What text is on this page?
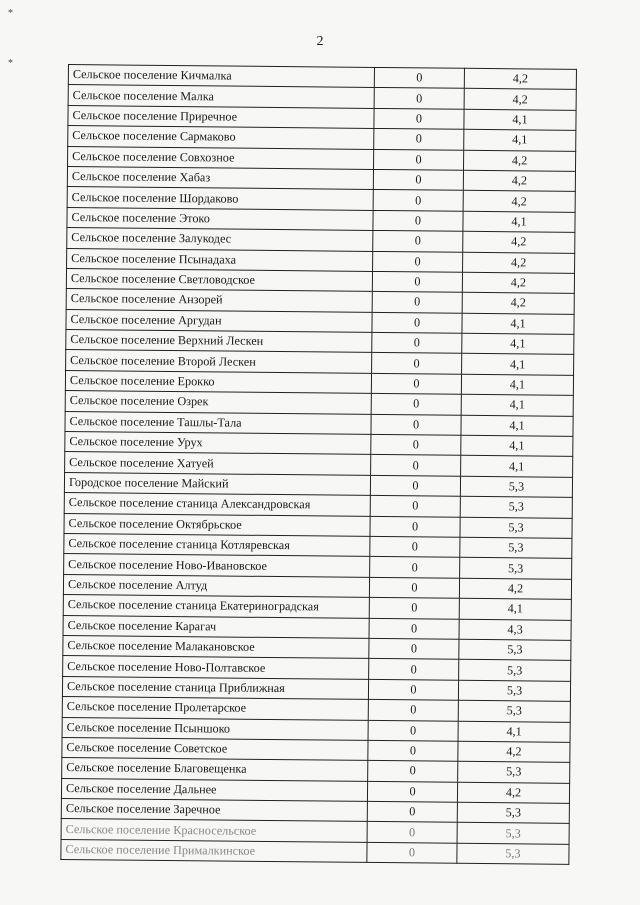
*
*
2
Сельское поселение Кичмалка	0	4,2
Сельское поселение Малка	0	4,2
Сельское поселение Приречное	0	4,1
Сельское поселение Сармаково	0	4,1
Сельское поселение Совхозное	0	4,2
Сельское поселение Хабаз	0	4,2
Сельское поселение Шордаково	0	4,2
Сельское поселение Этоко	0	4,1
Сельское поселение Залукодес	0	4,2
Сельское поселение Псынадаха	0	4,2
Сельское поселение Светловодское	0	4,2
Сельское поселение Анзорей	0	4,2
Сельское поселение Аргудан	0	4,1
Сельское поселение Верхний Лескен	0	4,1
Сельское поселение Второй Лескен	0	4,1
Сельское поселение Ерокко	0	4,1
Сельское поселение Озрек	0	4,1
Сельское поселение Ташлы-Тала	0	4,1
Сельское поселение Урух	0	4,1
Сельское поселение Хатуей	0	4,1
Городское поселение Майский	0	5,3
Сельское поселение станица Александровская	0	5,3
Сельское поселение Октябрьское	0	5,3
Сельское поселение станица Котляревская	0	5,3
Сельское поселение Ново-Ивановское	0	5,3
Сельское поселение Алтуд	0	4,2
Сельское поселение станица Екатериноградская	0	4,1
Сельское поселение Карагач	0	4,3
Сельское поселение Малакановское	0	5,3
Сельское поселение Ново-Полтавское	0	5,3
Сельское поселение станица Приближная	0	5,3
Сельское поселение Пролетарское	0	5,3
Сельское поселение Псыншоко	0	4,1
Сельское поселение Советское	0	4,2
Сельское поселение Благовещенка	0	5,3
Сельское поселение Дальнее	0	4,2
Сельское поселение Заречное	0	5,3
Сельское поселение Красносельское	0	5,3
Сельское поселение Прималкинское	0	5,3
